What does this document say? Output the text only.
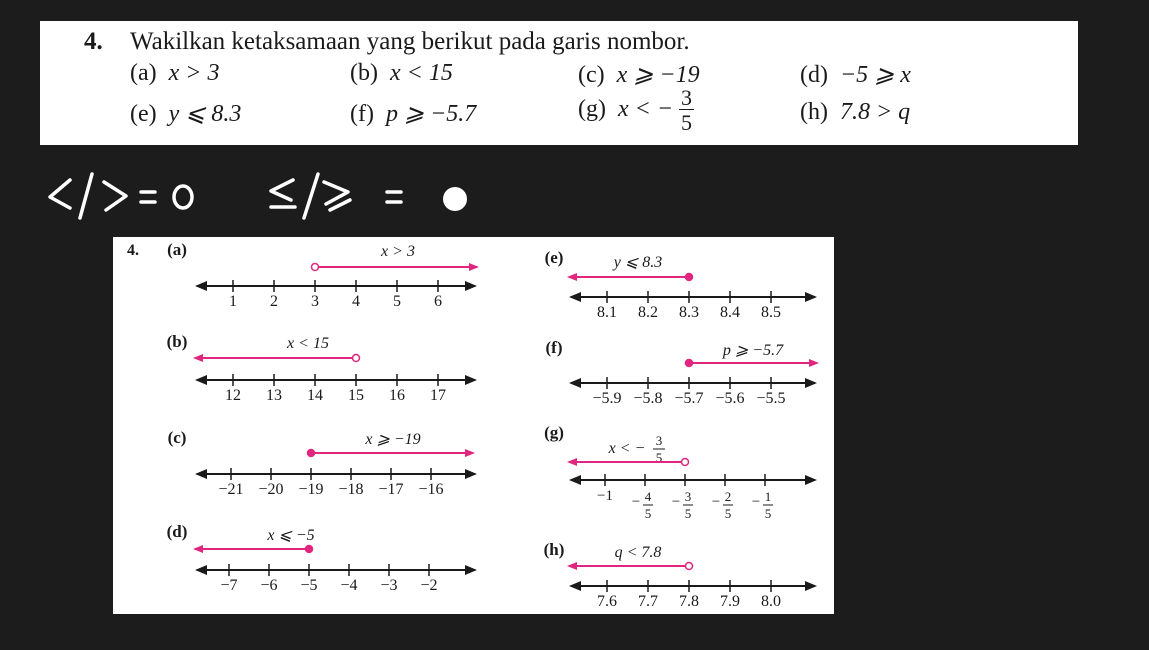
4. Wakilkan ketaksamaan yang berikut pada garis nombor.
(a) x > 3	(b) x < 15	(c) x ⩾ −19	(d) −5 ⩾ x
(e) y ⩽ 8.3	(f) p ⩾ −5.7	(g) x < − $\frac{3}{5}$	(h) 7.8 > q
4. (a)	x > 3
1 2 3 4 5 6
(b)	x < 15
12 13 14 15 16 17
(c)	x ⩾ −19
−21 −20 −19 −18 −17 −16
(d)	x ⩽ −5
−7 −6 −5 −4 −3 −2
(e)	y ⩽ 8.3
8.1 8.2 8.3 8.4 8.5
(f)	p ⩾ −5.7
−5.9 −5.8 −5.7 −5.6 −5.5
(g)
x < − 3
5
−1 − 4
5
− 3
5
− 2
5
− 1
5
(h)	q < 7.8
7.6 7.7 7.8 7.9 8.0
